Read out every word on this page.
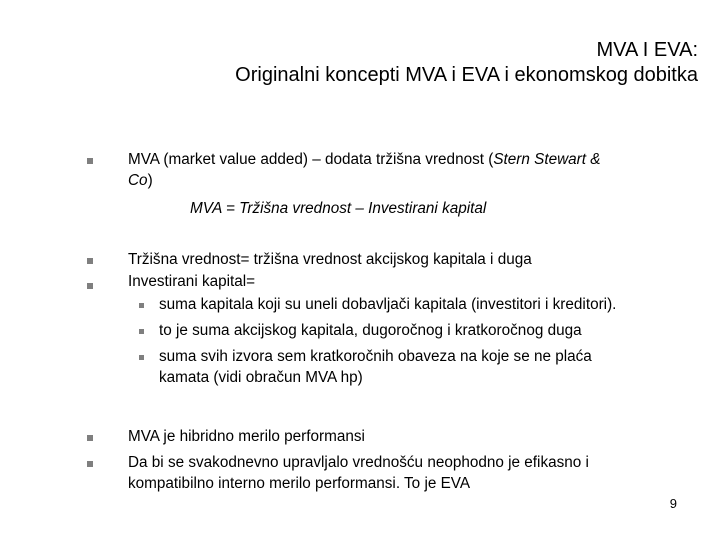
MVA I EVA:
Originalni koncepti MVA i EVA i ekonomskog dobitka
MVA (market value added) – dodata tržišna vrednost (Stern Stewart &
Co)
MVA = Tržišna vrednost – Investirani kapital
Tržišna vrednost= tržišna vrednost akcijskog kapitala i duga
Investirani kapital=
suma kapitala koji su uneli dobavljači kapitala (investitori i kreditori).
to je suma akcijskog kapitala, dugoročnog i kratkoročnog duga
suma svih izvora sem kratkoročnih obaveza na koje se ne plaća
kamata (vidi obračun MVA hp)
MVA je hibridno merilo performansi
Da bi se svakodnevno upravljalo vrednošću neophodno je efikasno i
kompatibilno interno merilo performansi. To je EVA
9
